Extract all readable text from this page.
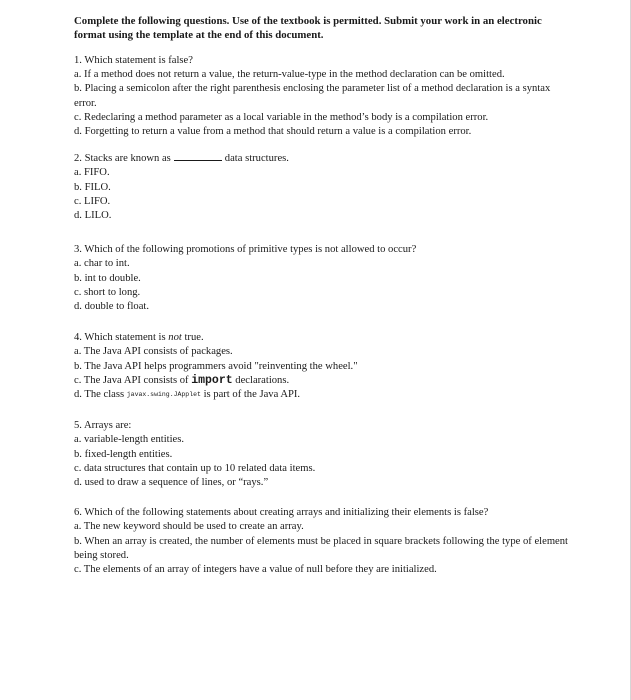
Complete the following questions. Use of the textbook is permitted. Submit your work in an electronic format using the template at the end of this document.

1. Which statement is false?
a. If a method does not return a value, the return-value-type in the method declaration can be omitted.
b. Placing a semicolon after the right parenthesis enclosing the parameter list of a method declaration is a syntax error.
c. Redeclaring a method parameter as a local variable in the method’s body is a compilation error.
d. Forgetting to return a value from a method that should return a value is a compilation error.
2. Stacks are known as	data structures.
a. FIFO.
b. FILO.
c. LIFO.
d. LILO.
3. Which of the following promotions of primitive types is not allowed to occur?
a. char to int.
b. int to double.
c. short to long.
d. double to float.
4. Which statement is not true.
a. The Java API consists of packages.
b. The Java API helps programmers avoid "reinventing the wheel."
c. The Java API consists of import declarations.
d. The class javax.swing.JApplet is part of the Java API.
5. Arrays are:
a. variable-length entities.
b. fixed-length entities.
c. data structures that contain up to 10 related data items.
d. used to draw a sequence of lines, or “rays.”
6. Which of the following statements about creating arrays and initializing their elements is false?
a. The new keyword should be used to create an array.
b. When an array is created, the number of elements must be placed in square brackets following the type of element being stored.
c. The elements of an array of integers have a value of null before they are initialized.
